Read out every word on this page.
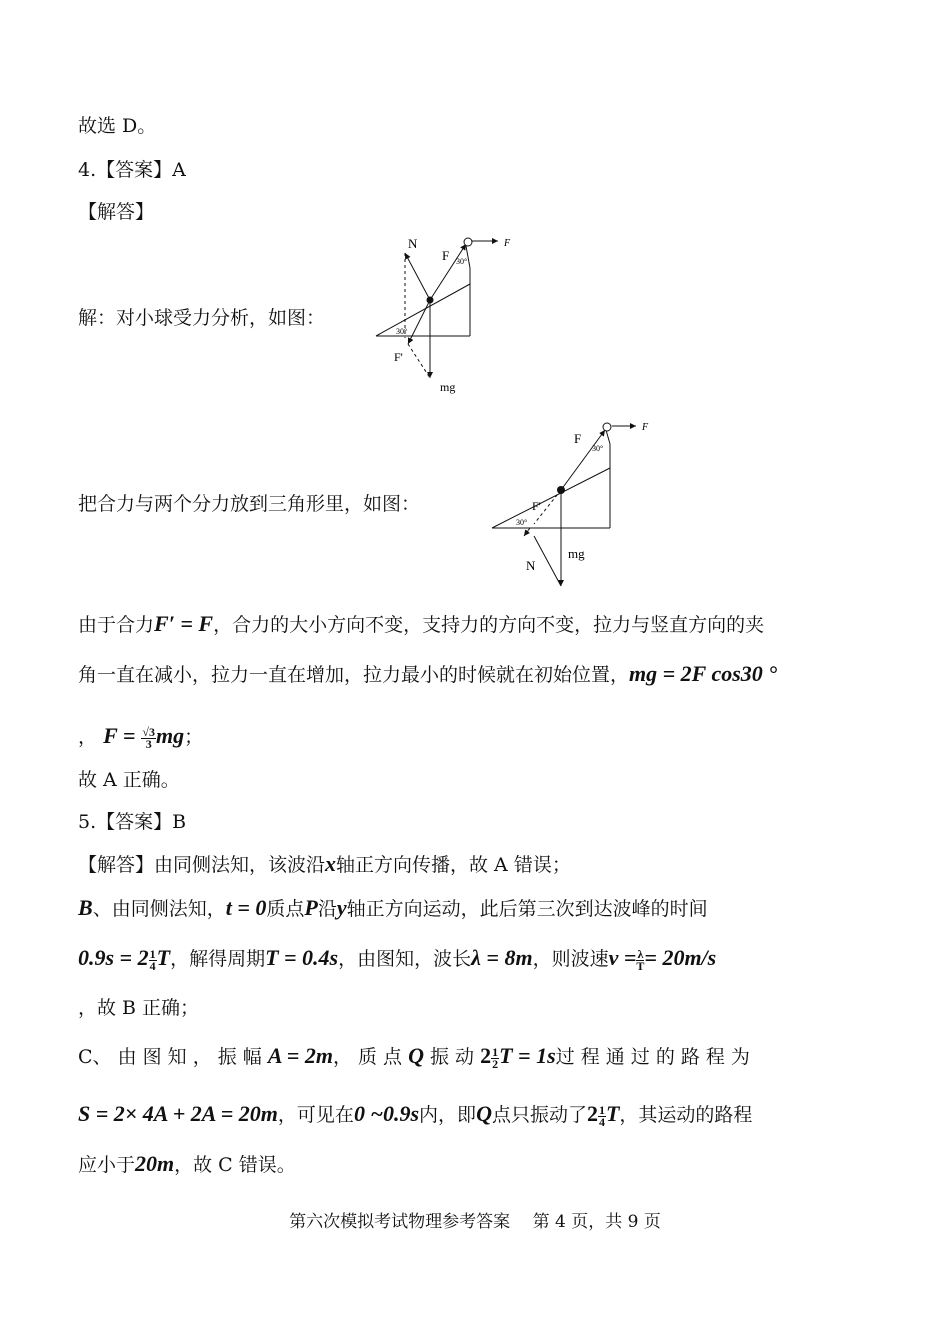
故选 D。
4.【答案】A
【解答】
解：对小球受力分析，如图：
N
F
F
30°
30°
F'
mg
把合力与两个分力放到三角形里，如图：
F
F
30°
30°
F'
N
mg
由于合力F′ = F，合力的大小方向不变，支持力的方向不变，拉力与竖直方向的夹
角一直在减小，拉力一直在增加，拉力最小的时候就在初始位置，mg = 2F cos30 °
， $F = \frac{√3}{3}$ mg；
故 A 正确。
5.【答案】B
【解答】由同侧法知，该波沿x轴正方向传播，故 A 错误；
B、由同侧法知，t = 0质点P沿y轴正方向运动，此后第三次到达波峰的时间
$0.9s = 2 \frac{1}{4}$ T，解得周期T = 0.4s，由图知，波长λ = 8m，则波速$v = \frac{\lambda}{T} = 20m/s$
，故 B 正确；
C、 由 图 知 ， 振 幅 A = 2m， 质 点 Q 振 动 $2 \frac{1}{2}$ T = 1s过 程 通 过 的 路 程 为
S = 2× 4A + 2A = 20m，可见在0 ~0.9s内，即Q点只振动了$2 \frac{1}{4}$ T，其运动的路程
应小于20m，故 C 错误。
第六次模拟考试物理参考答案　 第 4 页，共 9 页
